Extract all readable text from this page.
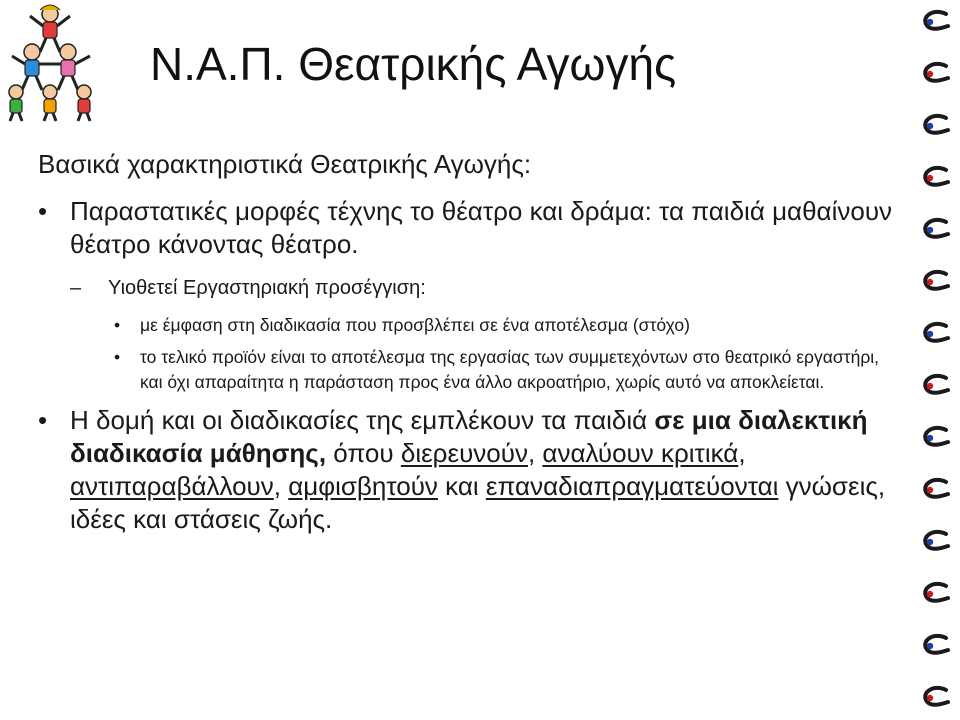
Ν.Α.Π. Θεατρικής Αγωγής

Βασικά χαρακτηριστικά Θεατρικής Αγωγής:

• Παραστατικές μορφές τέχνης το θέατρο και δράμα: τα παιδιά μαθαίνουν θέατρο κάνοντας θέατρο.
– Υιοθετεί Εργαστηριακή προσέγγιση:
• με έμφαση στη διαδικασία που προσβλέπει σε ένα αποτέλεσμα (στόχο)
• το τελικό προϊόν είναι το αποτέλεσμα της εργασίας των συμμετεχόντων στο θεατρικό εργαστήρι, και όχι απαραίτητα η παράσταση προς ένα άλλο ακροατήριο, χωρίς αυτό να αποκλείεται.
• Η δομή και οι διαδικασίες της εμπλέκουν τα παιδιά σε μια διαλεκτική διαδικασία μάθησης, όπου διερευνούν, αναλύουν κριτικά, αντιπαραβάλλουν, αμφισβητούν και επαναδιαπραγματεύονται γνώσεις, ιδέες και στάσεις ζωής.
